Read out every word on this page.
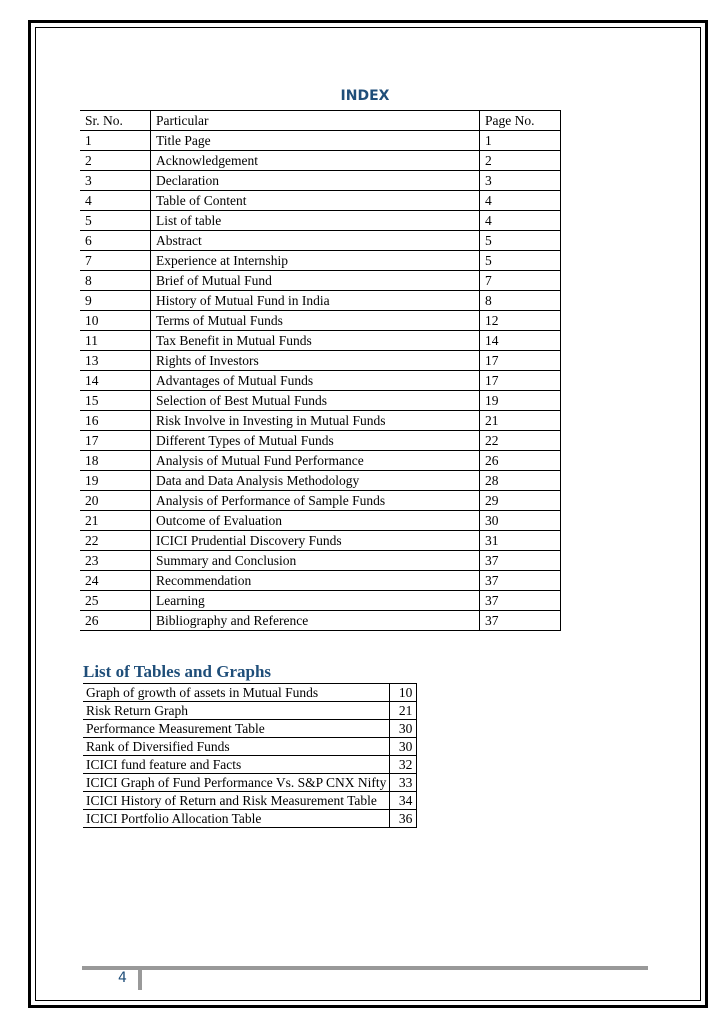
INDEX
Sr. No.	Particular	Page No.
1	Title Page	1
2	Acknowledgement	2
3	Declaration	3
4	Table of Content	4
5	List of table	4
6	Abstract	5
7	Experience at Internship	5
8	Brief of Mutual Fund	7
9	History of Mutual Fund in India	8
10	Terms of Mutual Funds	12
11	Tax Benefit in Mutual Funds	14
13	Rights of Investors	17
14	Advantages of Mutual Funds	17
15	Selection of Best Mutual Funds	19
16	Risk Involve in Investing in Mutual Funds	21
17	Different Types of Mutual Funds	22
18	Analysis of Mutual Fund Performance	26
19	Data and Data Analysis Methodology	28
20	Analysis of Performance of Sample Funds	29
21	Outcome of Evaluation	30
22	ICICI Prudential Discovery Funds	31
23	Summary and Conclusion	37
24	Recommendation	37
25	Learning	37
26	Bibliography and Reference	37
List of Tables and Graphs
Graph of growth of assets in Mutual Funds	10
Risk Return Graph	21
Performance Measurement Table	30
Rank of Diversified Funds	30
ICICI fund feature and Facts	32
ICICI Graph of Fund Performance Vs. S&P CNX Nifty	33
ICICI History of Return and Risk Measurement Table	34
ICICI Portfolio Allocation Table	36
4
